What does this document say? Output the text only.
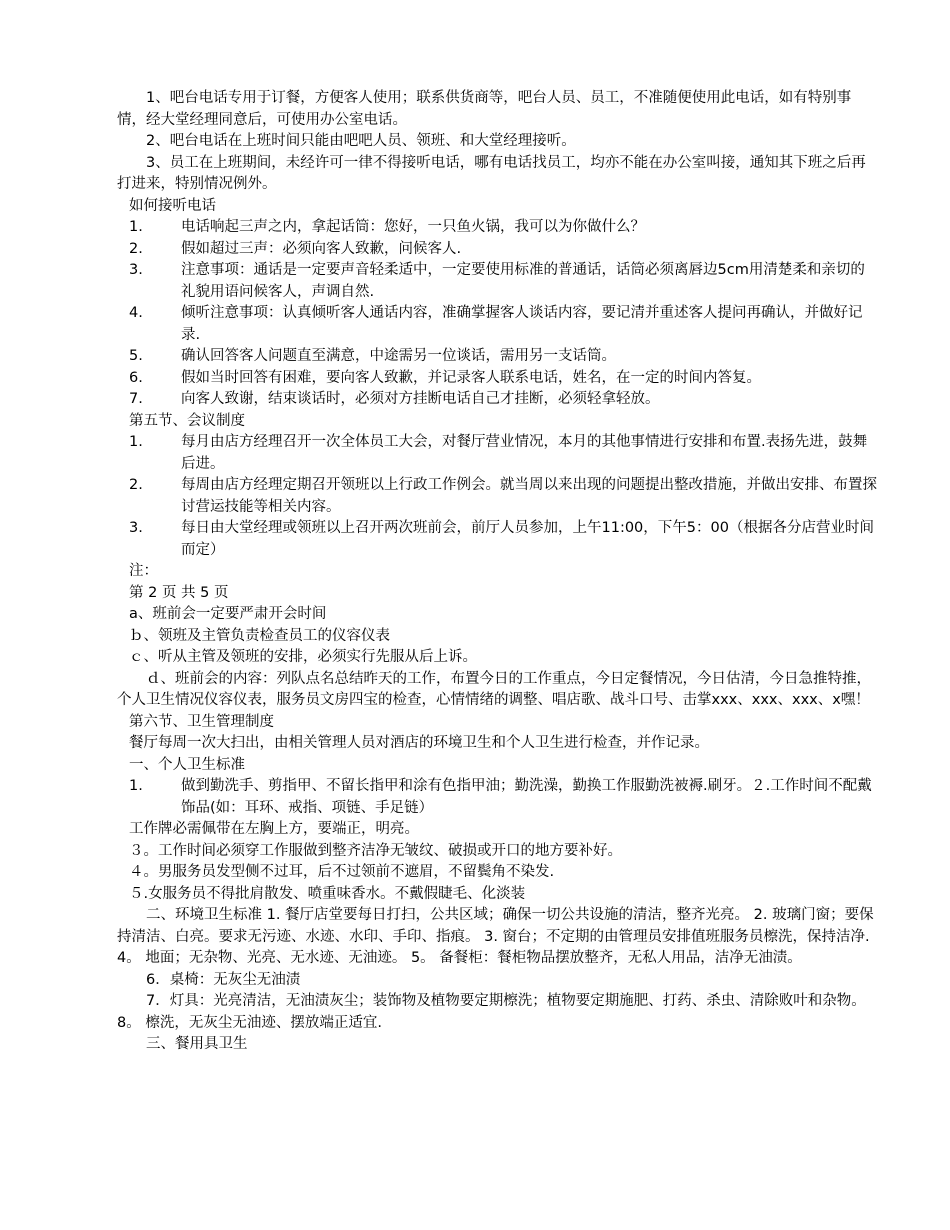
1、吧台电话专用于订餐，方便客人使用；联系供货商等，吧台人员、员工，不准随便使用此电话，如有特别事情，经大堂经理同意后，可使用办公室电话。

2、吧台电话在上班时间只能由吧吧人员、领班、和大堂经理接听。

3、员工在上班期间，未经许可一律不得接听电话，哪有电话找员工，均亦不能在办公室叫接，通知其下班之后再打进来，特别情况例外。

如何接听电话

1.	电话响起三声之内，拿起话筒：您好，一只鱼火锅，我可以为你做什么？
2.	假如超过三声：必须向客人致歉，问候客人.
3.	注意事项：通话是一定要声音轻柔适中，一定要使用标准的普通话，话筒必须离唇边5cm用清楚柔和亲切的礼貌用语问候客人，声调自然.
4.	倾听注意事项：认真倾听客人通话内容，准确掌握客人谈话内容，要记清并重述客人提问再确认，并做好记录.
5.	确认回答客人问题直至满意，中途需另一位谈话，需用另一支话筒。
6.	假如当时回答有困难，要向客人致歉，并记录客人联系电话，姓名，在一定的时间内答复。
7.	向客人致谢，结束谈话时，必须对方挂断电话自己才挂断，必须轻拿轻放。

第五节、会议制度

1.	每月由店方经理召开一次全体员工大会，对餐厅营业情况，本月的其他事情进行安排和布置.表扬先进，鼓舞后进。
2.	每周由店方经理定期召开领班以上行政工作例会。就当周以来出现的问题提出整改措施，并做出安排、布置探讨营运技能等相关内容。
3.	每日由大堂经理或领班以上召开两次班前会，前厅人员参加，上午11:00，下午5：00（根据各分店营业时间而定）

注：

第 2 页 共 5 页

a、班前会一定要严肃开会时间

ｂ、领班及主管负责检查员工的仪容仪表

ｃ、听从主管及领班的安排，必须实行先服从后上诉。

ｄ、班前会的内容：列队点名总结昨天的工作，布置今日的工作重点，今日定餐情况，今日估清，今日急推特推，个人卫生情况仪容仪表，服务员文房四宝的检查，心情情绪的调整、唱店歌、战斗口号、击掌xxx、xxx、xxx、x嘿！

第六节、卫生管理制度

餐厅每周一次大扫出，由相关管理人员对酒店的环境卫生和个人卫生进行检查，并作记录。

一、个人卫生标准

1.	做到勤洗手、剪指甲、不留长指甲和涂有色指甲油；勤洗澡，勤换工作服勤洗被褥.刷牙。２.工作时间不配戴饰品(如：耳环、戒指、项链、手足链）

工作牌必需佩带在左胸上方，要端正，明亮。

３。工作时间必须穿工作服做到整齐洁净无皱纹、破损或开口的地方要补好。

４。男服务员发型侧不过耳，后不过领前不遮眉，不留鬓角不染发.

５.女服务员不得批肩散发、喷重味香水。不戴假睫毛、化淡装

二、环境卫生标准 1. 餐厅店堂要每日打扫，公共区域；确保一切公共设施的清洁，整齐光亮。 2. 玻璃门窗；要保持清洁、白亮。要求无污迹、水迹、水印、手印、指痕。 3. 窗台；不定期的由管理员安排值班服务员檫洗，保持洁净. 4。 地面；无杂物、光亮、无水迹、无油迹。 5。 备餐柜：餐柜物品摆放整齐，无私人用品，洁净无油渍。

6．桌椅：无灰尘无油渍

7．灯具：光亮清洁，无油渍灰尘；装饰物及植物要定期檫洗；植物要定期施肥、打药、杀虫、清除败叶和杂物。8。 檫洗，无灰尘无油迹、摆放端正适宜.

三、餐用具卫生
